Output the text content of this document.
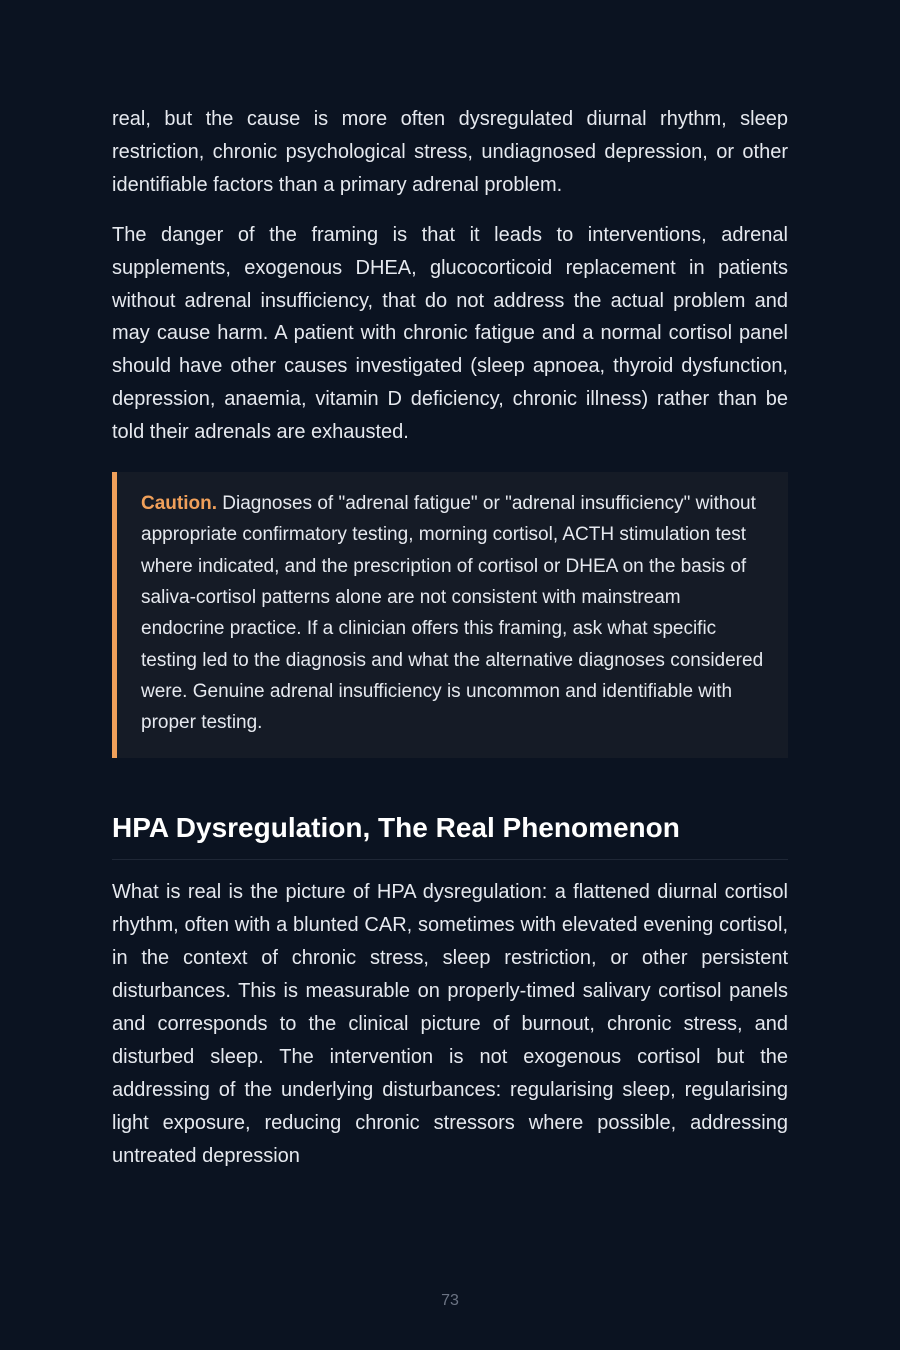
real, but the cause is more often dysregulated diurnal rhythm, sleep restriction, chronic psychological stress, undiagnosed depression, or other identifiable factors than a primary adrenal problem.

The danger of the framing is that it leads to interventions, adrenal supplements, exogenous DHEA, glucocorticoid replacement in patients without adrenal insufficiency, that do not address the actual problem and may cause harm. A patient with chronic fatigue and a normal cortisol panel should have other causes investigated (sleep apnoea, thyroid dysfunction, depression, anaemia, vitamin D deficiency, chronic illness) rather than be told their adrenals are exhausted.

Caution. Diagnoses of "adrenal fatigue" or "adrenal insufficiency" without appropriate confirmatory testing, morning cortisol, ACTH stimulation test where indicated, and the prescription of cortisol or DHEA on the basis of saliva-cortisol patterns alone are not consistent with mainstream endocrine practice. If a clinician offers this framing, ask what specific testing led to the diagnosis and what the alternative diagnoses considered were. Genuine adrenal insufficiency is uncommon and identifiable with proper testing.

HPA Dysregulation, The Real Phenomenon

What is real is the picture of HPA dysregulation: a flattened diurnal cortisol rhythm, often with a blunted CAR, sometimes with elevated evening cortisol, in the context of chronic stress, sleep restriction, or other persistent disturbances. This is measurable on properly-timed salivary cortisol panels and corresponds to the clinical picture of burnout, chronic stress, and disturbed sleep. The intervention is not exogenous cortisol but the addressing of the underlying disturbances: regularising sleep, regularising light exposure, reducing chronic stressors where possible, addressing untreated depression

73
